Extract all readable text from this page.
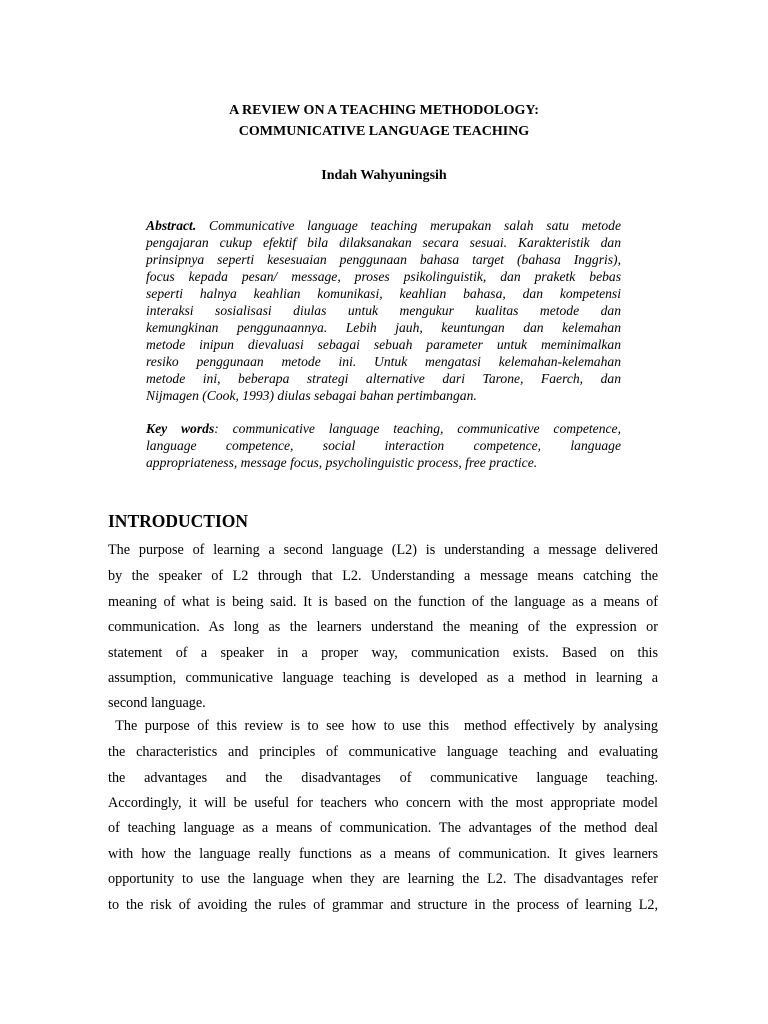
A REVIEW ON A TEACHING METHODOLOGY:
COMMUNICATIVE LANGUAGE TEACHING
Indah Wahyuningsih
Abstract. Communicative language teaching merupakan salah satu metode
pengajaran cukup efektif bila dilaksanakan secara sesuai. Karakteristik dan
prinsipnya seperti kesesuaian penggunaan bahasa target (bahasa Inggris),
focus kepada pesan/ message, proses psikolinguistik, dan praketk bebas
seperti halnya keahlian komunikasi, keahlian bahasa, dan kompetensi
interaksi sosialisasi diulas untuk mengukur kualitas metode dan
kemungkinan penggunaannya. Lebih jauh, keuntungan dan kelemahan
metode inipun dievaluasi sebagai sebuah parameter untuk meminimalkan
resiko penggunaan metode ini. Untuk mengatasi kelemahan-kelemahan
metode ini, beberapa strategi alternative dari Tarone, Faerch, dan
Nijmagen (Cook, 1993) diulas sebagai bahan pertimbangan.
Key words: communicative language teaching, communicative competence,
language competence, social interaction competence, language
appropriateness, message focus, psycholinguistic process, free practice.
INTRODUCTION
The purpose of learning a second language (L2) is understanding a message delivered
by the speaker of L2 through that L2. Understanding a message means catching the
meaning of what is being said. It is based on the function of the language as a means of
communication. As long as the learners understand the meaning of the expression or
statement of a speaker in a proper way, communication exists. Based on this
assumption, communicative language teaching is developed as a method in learning a
second language.
The purpose of this review is to see how to use this  method effectively by analysing
the characteristics and principles of communicative language teaching and evaluating
the advantages and the disadvantages of communicative language teaching.
Accordingly, it will be useful for teachers who concern with the most appropriate model
of teaching language as a means of communication. The advantages of the method deal
with how the language really functions as a means of communication. It gives learners
opportunity to use the language when they are learning the L2. The disadvantages refer
to the risk of avoiding the rules of grammar and structure in the process of learning L2,
